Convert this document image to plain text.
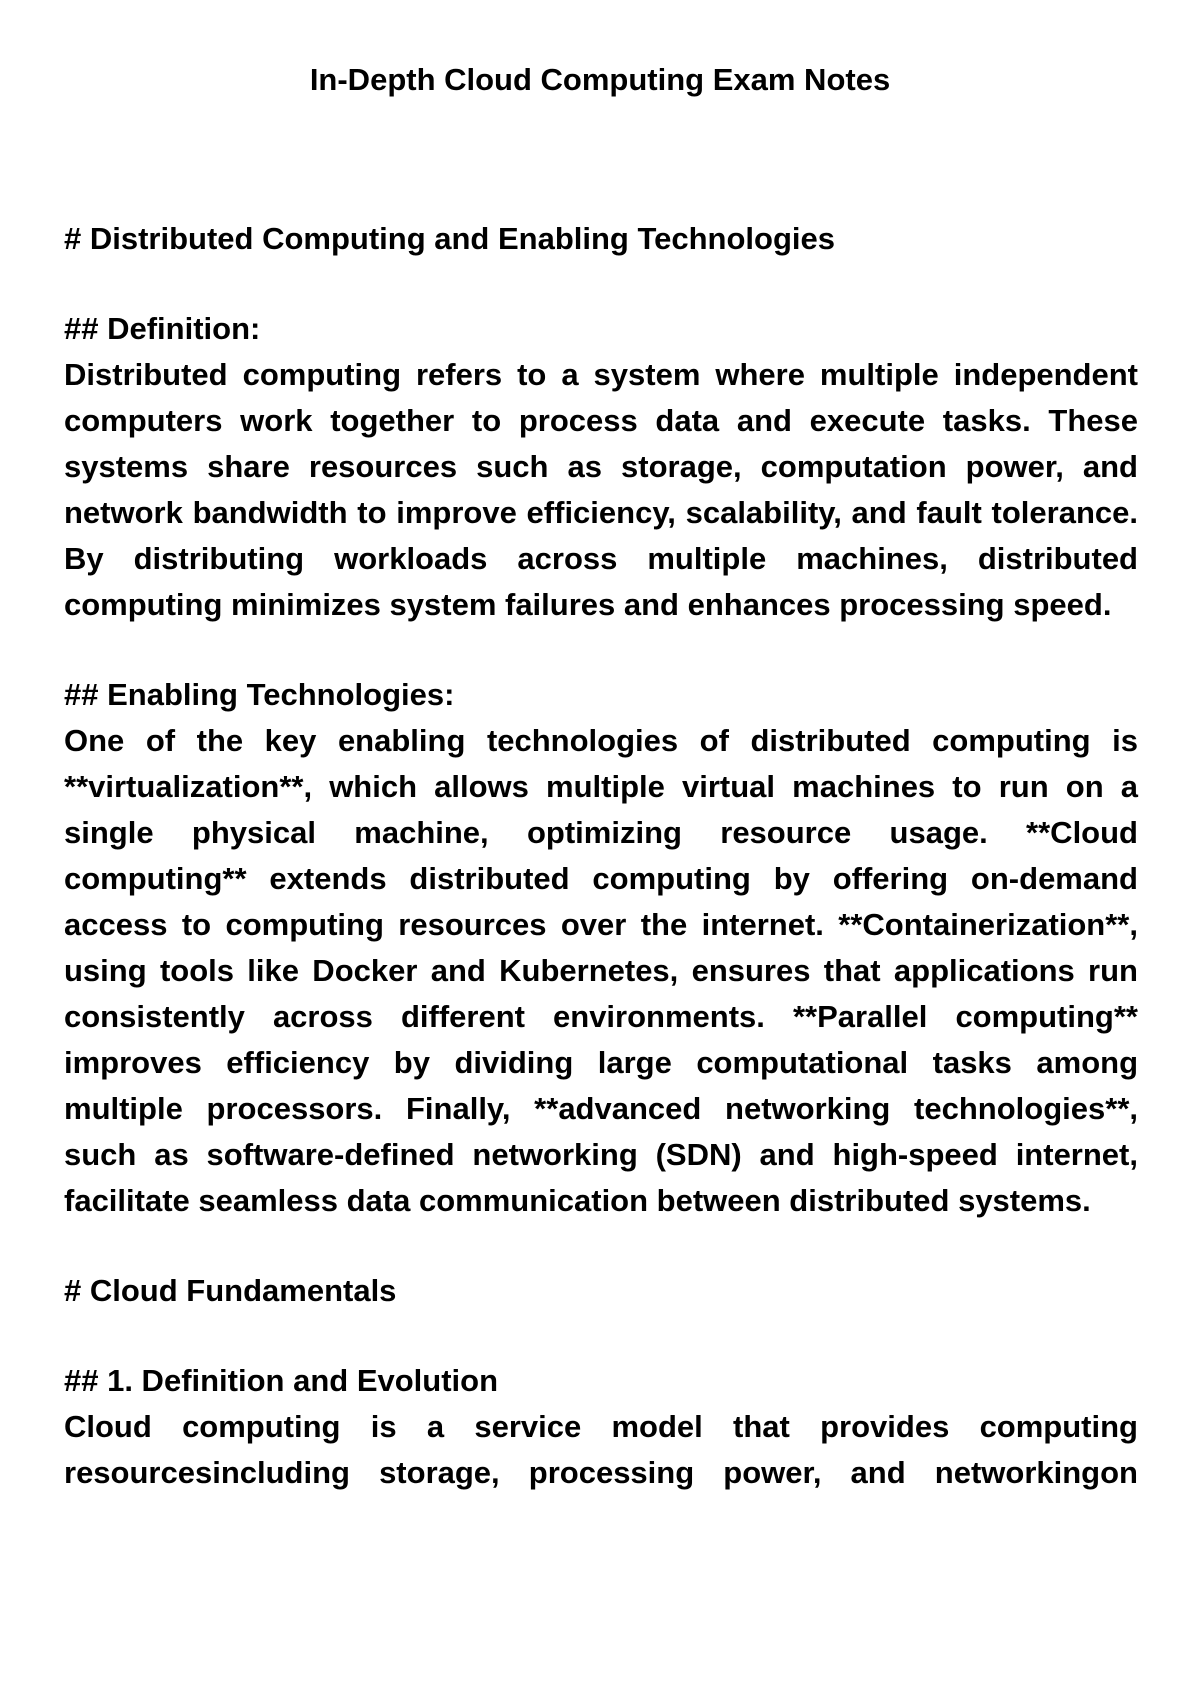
In-Depth Cloud Computing Exam Notes

# Distributed Computing and Enabling Technologies

## Definition:

Distributed computing refers to a system where multiple independent computers work together to process data and execute tasks. These systems share resources such as storage, computation power, and network bandwidth to improve efficiency, scalability, and fault tolerance. By distributing workloads across multiple machines, distributed computing minimizes system failures and enhances processing speed.

## Enabling Technologies:

One of the key enabling technologies of distributed computing is **virtualization**, which allows multiple virtual machines to run on a single physical machine, optimizing resource usage. **Cloud computing** extends distributed computing by offering on-demand access to computing resources over the internet. **Containerization**, using tools like Docker and Kubernetes, ensures that applications run consistently across different environments. **Parallel computing** improves efficiency by dividing large computational tasks among multiple processors. Finally, **advanced networking technologies**, such as software-defined networking (SDN) and high-speed internet, facilitate seamless data communication between distributed systems.

# Cloud Fundamentals

## 1. Definition and Evolution

Cloud computing is a service model that provides computing resourcesincluding storage, processing power, and networkingon
